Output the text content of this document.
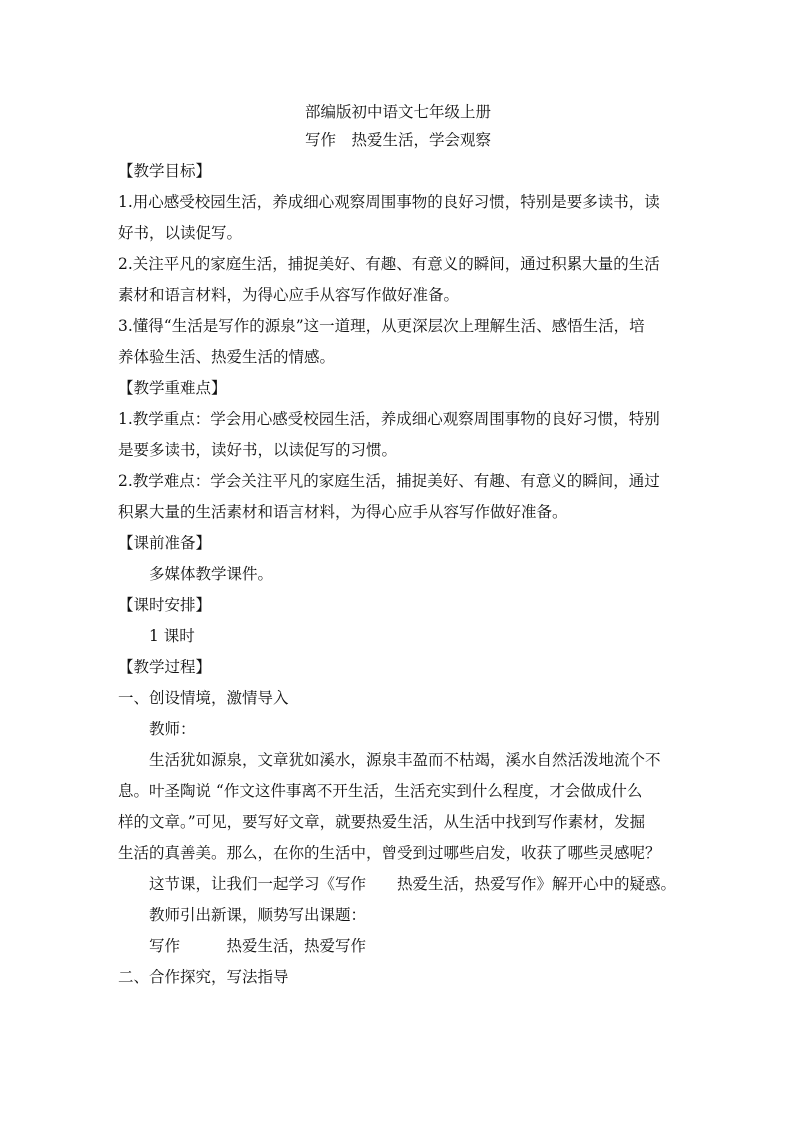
部编版初中语文七年级上册
写作　热爱生活，学会观察
【教学目标】
1.用心感受校园生活，养成细心观察周围事物的良好习惯，特别是要多读书，读
好书，以读促写。
2.关注平凡的家庭生活，捕捉美好、有趣、有意义的瞬间，通过积累大量的生活
素材和语言材料，为得心应手从容写作做好准备。
3.懂得“生活是写作的源泉”这一道理，从更深层次上理解生活、感悟生活，培
养体验生活、热爱生活的情感。
【教学重难点】
1.教学重点：学会用心感受校园生活，养成细心观察周围事物的良好习惯，特别
是要多读书，读好书，以读促写的习惯。
2.教学难点：学会关注平凡的家庭生活，捕捉美好、有趣、有意义的瞬间，通过
积累大量的生活素材和语言材料，为得心应手从容写作做好准备。
【课前准备】
多媒体教学课件。
【课时安排】
1 课时
【教学过程】
一、创设情境，激情导入
教师：
生活犹如源泉，文章犹如溪水，源泉丰盈而不枯竭，溪水自然活泼地流个不
息。叶圣陶说 “作文这件事离不开生活，生活充实到什么程度，才会做成什么
样的文章。”可见，要写好文章，就要热爱生活，从生活中找到写作素材，发掘
生活的真善美。那么，在你的生活中，曾受到过哪些启发，收获了哪些灵感呢？
这节课，让我们一起学习《写作　　热爱生活，热爱写作》解开心中的疑惑。
教师引出新课，顺势写出课题：
写作　　　热爱生活，热爱写作
二、合作探究，写法指导
